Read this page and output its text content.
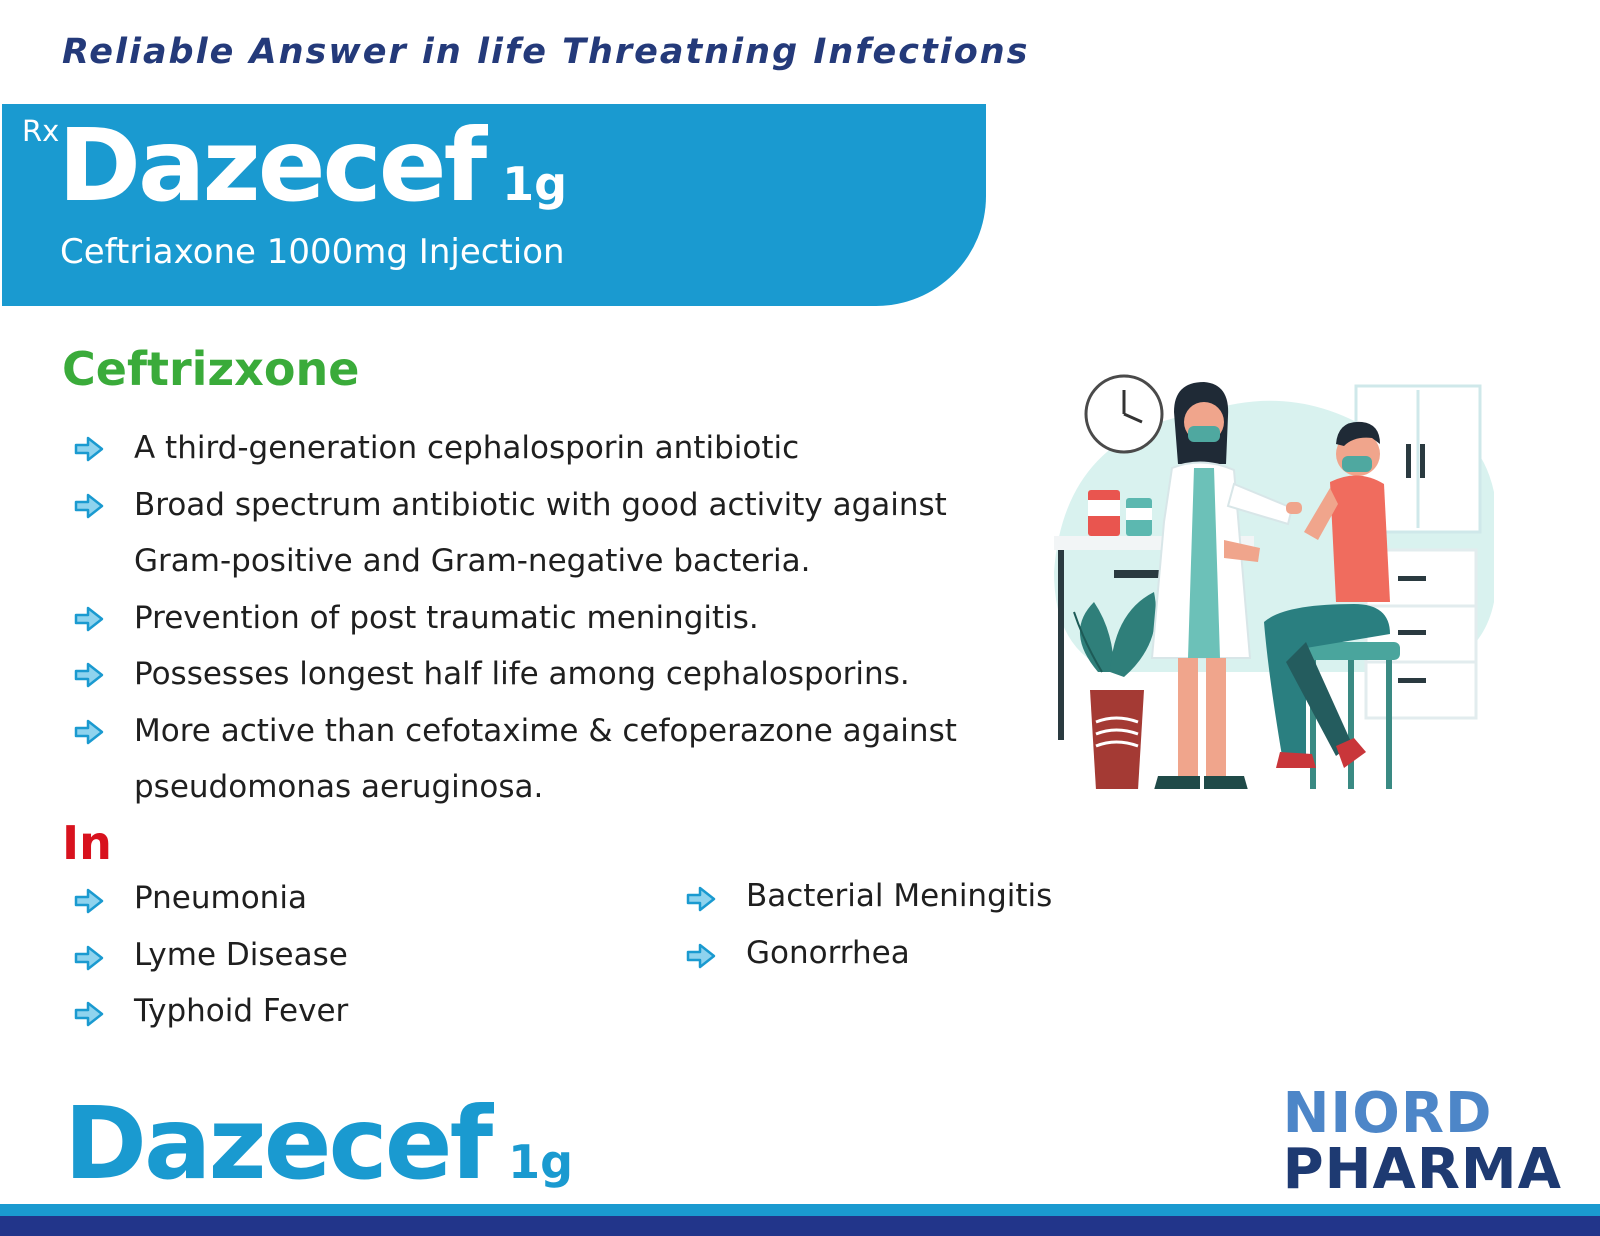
Reliable Answer in life Threatning Infections
Rx
Dazecef 1g
Ceftriaxone 1000mg Injection
Ceftrizxone
A third-generation cephalosporin antibiotic
Broad spectrum antibiotic with good activity against Gram-positive and Gram-negative bacteria.
Prevention of post traumatic meningitis.
Possesses longest half life among cephalosporins.
More active than cefotaxime & cefoperazone against pseudomonas aeruginosa.
In
Pneumonia
Lyme Disease
Typhoid Fever
Bacterial Meningitis
Gonorrhea
Dazecef 1g
NIORD
PHARMA
